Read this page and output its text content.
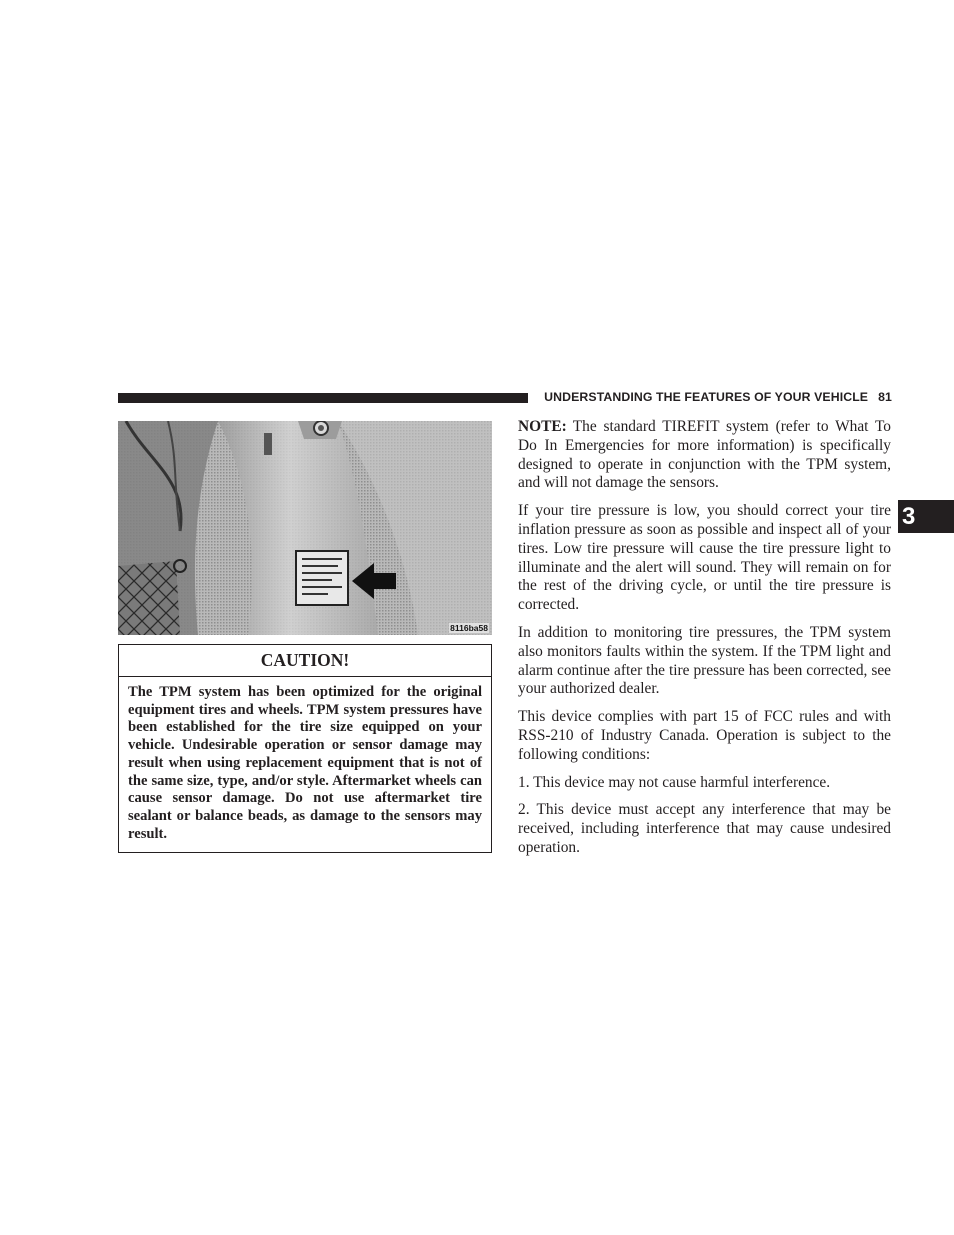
UNDERSTANDING THE FEATURES OF YOUR VEHICLE 81
8116ba58
CAUTION!
The TPM system has been optimized for the original equipment tires and wheels. TPM system pressures have been established for the tire size equipped on your vehicle. Undesirable operation or sensor damage may result when using replacement equipment that is not of the same size, type, and/or style. Aftermarket wheels can cause sensor damage. Do not use aftermarket tire sealant or balance beads, as damage to the sensors may result.

NOTE: The standard TIREFIT system (refer to What To Do In Emergencies for more information) is specifically designed to operate in conjunction with the TPM system, and will not damage the sensors.

If your tire pressure is low, you should correct your tire inflation pressure as soon as possible and inspect all of your tires. Low tire pressure will cause the tire pressure light to illuminate and the alert will sound. They will remain on for the rest of the driving cycle, or until the tire pressure is corrected.

In addition to monitoring tire pressures, the TPM system also monitors faults within the system. If the TPM light and alarm continue after the tire pressure has been corrected, see your authorized dealer.

This device complies with part 15 of FCC rules and with RSS-210 of Industry Canada. Operation is subject to the following conditions:

1. This device may not cause harmful interference.

2. This device must accept any interference that may be received, including interference that may cause undesired operation.

3
